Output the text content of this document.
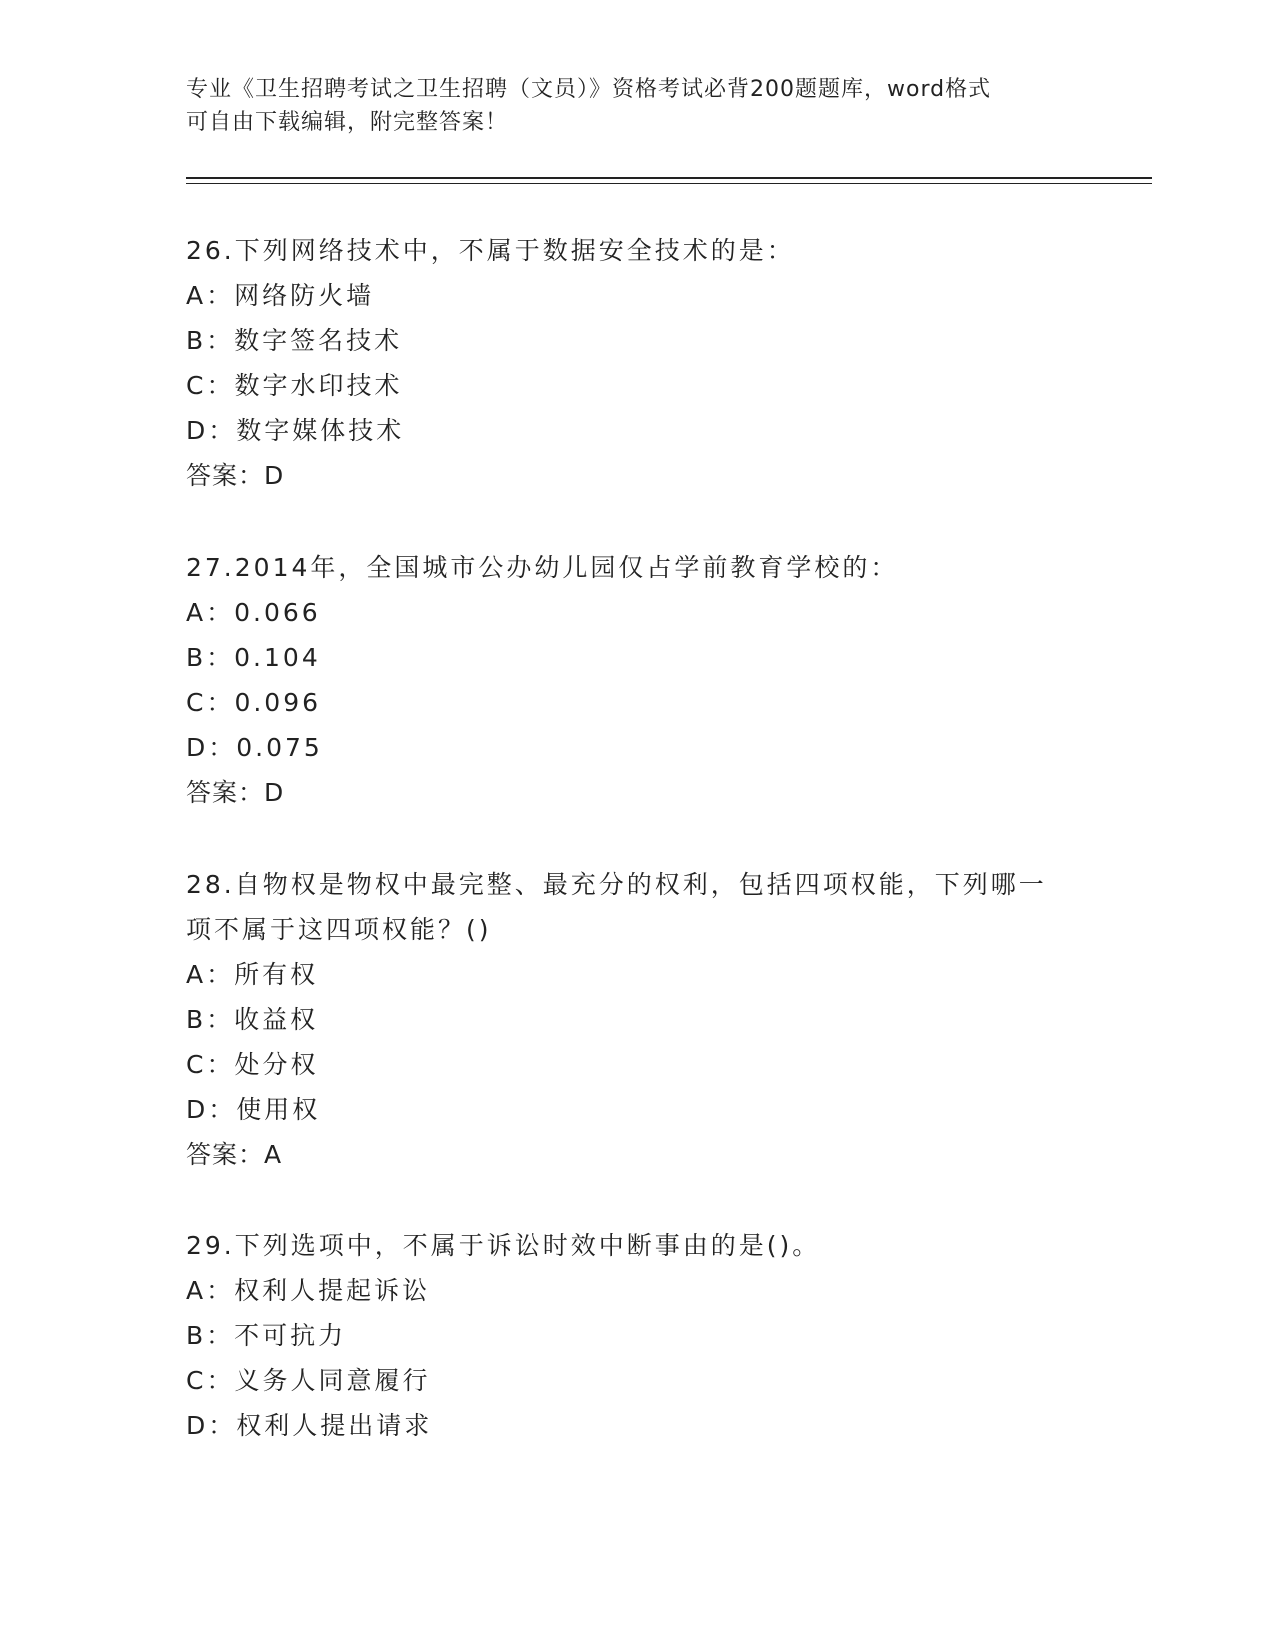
专业《卫生招聘考试之卫生招聘（文员）》资格考试必背200题题库，word格式
可自由下载编辑，附完整答案！

26.下列网络技术中，不属于数据安全技术的是：

A：网络防火墙

B：数字签名技术

C：数字水印技术

D：数字媒体技术

答案：D

27.2014年，全国城市公办幼儿园仅占学前教育学校的：

A：0.066

B：0.104

C：0.096

D：0.075

答案：D

28.自物权是物权中最完整、最充分的权利，包括四项权能，下列哪一

项不属于这四项权能？()

A：所有权

B：收益权

C：处分权

D：使用权

答案：A

29.下列选项中，不属于诉讼时效中断事由的是()。

A：权利人提起诉讼

B：不可抗力

C：义务人同意履行

D：权利人提出请求
